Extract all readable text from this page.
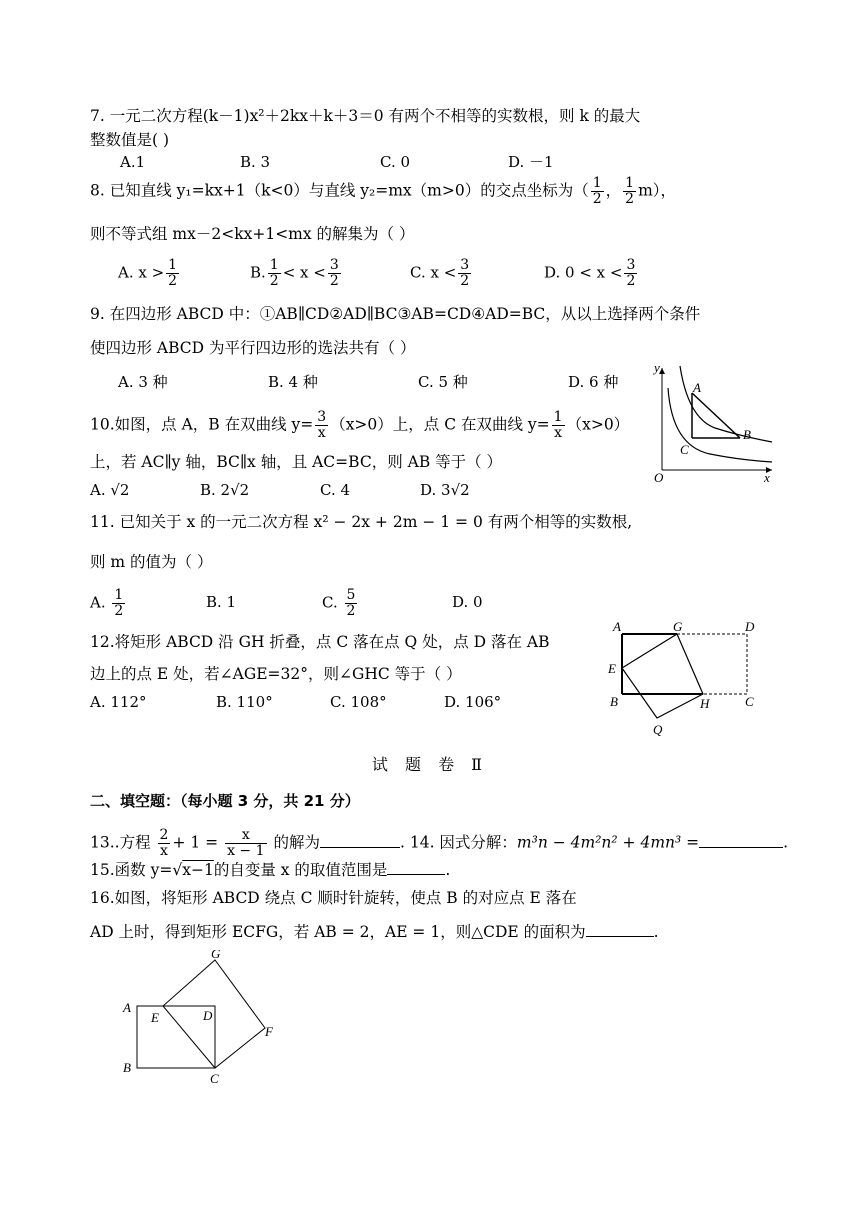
7. 一元二次方程(k－1)x²＋2kx＋k＋3＝0 有两个不相等的实数根，则 k 的最大
整数值是( )
A.1	B. 3	C. 0	D. －1
8. 已知直线 y₁=kx+1（k<0）与直线 y₂=mx（m>0）的交点坐标为（ $\frac{1}{2}$ ， $\frac{1}{2} m$），
则不等式组 mx－2<kx+1<mx 的解集为（ ）
A. $x > \frac{1}{2}$	B. $\frac{1}{2} < x < \frac{3}{2}$	C. $x < \frac{3}{2}$	D. $0 < x < \frac{3}{2}$
9. 在四边形 ABCD 中：①AB∥CD②AD∥BC③AB=CD④AD=BC，从以上选择两个条件
使四边形 ABCD 为平行四边形的选法共有（ ）
A. 3 种	B. 4 种	C. 5 种	D. 6 种
10.如图，点 A，B 在双曲线 $y= \frac{3}{x} (x>0)$上，点 C 在双曲线 $y= \frac{1}{x} (x>0)$
上，若 AC∥y 轴，BC∥x 轴，且 AC=BC，则 AB 等于（ ）
A. √2	B. 2√2	C. 4	D. 3√2
y
x
O
A
B
C
11. 已知关于 x 的一元二次方程 x² − 2x + 2m − 1 = 0 有两个相等的实数根,
则 m 的值为（ ）
A. $\frac{1}{2}$	B. 1	C. $\frac{5}{2}$	D. 0
12.将矩形 ABCD 沿 GH 折叠，点 C 落在点 Q 处，点 D 落在 AB
边上的点 E 处，若∠AGE=32°，则∠GHC 等于（ ）
A. 112°	B. 110°	C. 108°	D. 106°
A	G	D
E
B	H	C
Q
试 题 卷 Ⅱ
二、填空题：（每小题 3 分，共 21 分）
13..方程 $\frac{2}{x} + 1 = \frac{x}{x - 1}$ 的解为	. 14. 因式分解：m³n − 4m²n² + 4mn³ =	.
15.函数 y=√x−1的自变量 x 的取值范围是	.
16.如图，将矩形 ABCD 绕点 C 顺时针旋转，使点 B 的对应点 E 落在
AD 上时，得到矩形 ECFG，若 AB = 2，AE = 1，则△CDE 的面积为	.
G
A
E	D
F
B
C
